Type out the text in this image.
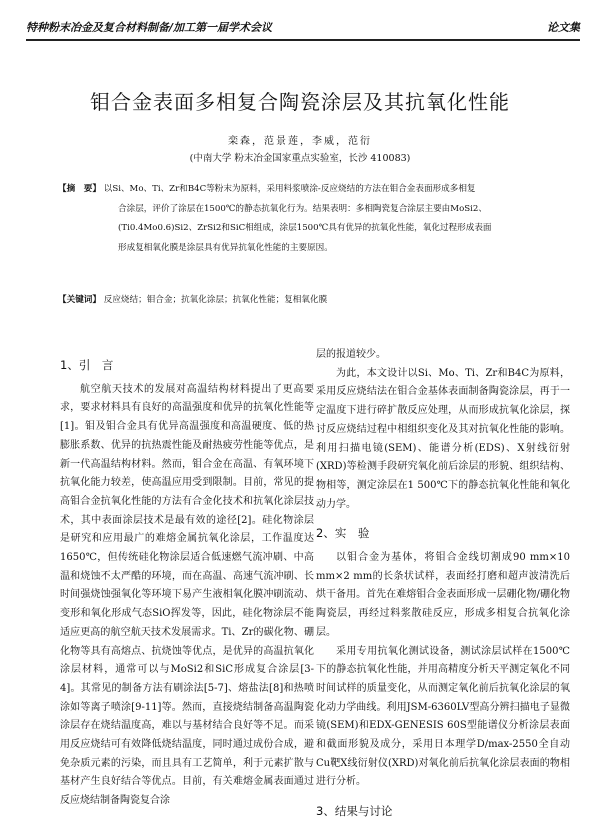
特种粉末冶金及复合材料制备/加工第一届学术会议	论文集
钼合金表面多相复合陶瓷涂层及其抗氧化性能
栾森，范景莲，李威，范衍
(中南大学 粉末冶金国家重点实验室，长沙 410083)
【摘　要】 以Si、Mo、Ti、Zr和B4C等粉末为原料，采用料浆喷涂-反应烧结的方法在钼合金表面形成多相复
合涂层，评价了涂层在1500℃的静态抗氧化行为。结果表明：多相陶瓷复合涂层主要由MoSi2、
(Ti0.4Mo0.6)Si2、ZrSi2和SiC相组成，涂层1500℃具有优异的抗氧化性能，氧化过程形成表面
形成复相氧化膜是涂层具有优异抗氧化性能的主要原因。
【关键词】 反应烧结；钼合金；抗氧化涂层；抗氧化性能；复相氧化膜
1、引　言

航空航天技术的发展对高温结构材料提出了更高要求，要求材料具有良好的高温强度和优异的抗氧化性能等[1]。钼及钼合金具有优异高温强度和高温硬度、低的热膨胀系数、优异的抗热震性能及耐热疲劳性能等优点，是新一代高温结构材料。然而，钼合金在高温、有氧环境下抗氧化能力较差，使高温应用受到限制。目前，常见的提高钼合金抗氧化性能的方法有合金化技术和抗氧化涂层技术，其中表面涂层技术是最有效的途径[2]。硅化物涂层是研究和应用最广的难熔金属抗氧化涂层，工作温度达1650℃，但传统硅化物涂层适合低速燃气流冲刷、中高温和烧蚀不太严酷的环境，而在高温、高速气流冲刷、长时间强烧蚀强氧化等环境下易产生液相氧化膜冲刷流动、变形和氧化形成气态SiO挥发等，因此，硅化物涂层不能适应更高的航空航天技术发展需求。Ti、Zr的碳化物、硼化物等具有高熔点、抗烧蚀等优点，是优异的高温抗氧化涂层材料，通常可以与MoSi2和SiC形成复合涂层[3-4]。其常见的制备方法有刷涂法[5-7]、熔盐法[8]和热喷涂如等离子喷涂[9-11]等。然而，直接烧结制备高温陶瓷涂层存在烧结温度高，难以与基材结合良好等不足。而采用反应烧结可有效降低烧结温度，同时通过成份合成，避免杂质元素的污染，而且具有工艺简单，利于元素扩散与基材产生良好结合等优点。目前，有关难熔金属表面通过反应烧结制备陶瓷复合涂

层的报道较少。

为此，本文设计以Si、Mo、Ti、Zr和B4C为原料，采用反应烧结法在钼合金基体表面制备陶瓷涂层，再于一定温度下进行碎扩散反应处理，从而形成抗氧化涂层，探讨反应烧结过程中相组织变化及其对抗氧化性能的影响。利用扫描电镜(SEM)、能谱分析(EDS)、X射线衍射(XRD)等检测手段研究氧化前后涂层的形貌、组织结构、物相等，测定涂层在1 500℃下的静态抗氧化性能和氧化动力学。

2、实　验

以钼合金为基体，将钼合金线切割成90 mm×10 mm×2 mm的长条状试样，表面经打磨和超声波清洗后烘干备用。首先在难熔钼合金表面形成一层硼化物/硼化物陶瓷层，再经过料浆散硅反应，形成多相复合抗氧化涂层。

采用专用抗氧化测试设备，测试涂层试样在1500℃下的静态抗氧化性能，并用高精度分析天平测定氧化不同时间试样的质量变化，从而测定氧化前后抗氧化涂层的氧化动力学曲线。利用JSM-6360LV型高分辨扫描电子显微镜(SEM)和EDX-GENESIS 60S型能谱仪分析涂层表面和截面形貌及成分，采用日本理学D/max-2550全自动Cu靶X线衍射仪(XRD)对氧化前后抗氧化涂层表面的物相进行分析。

3、结果与讨论
